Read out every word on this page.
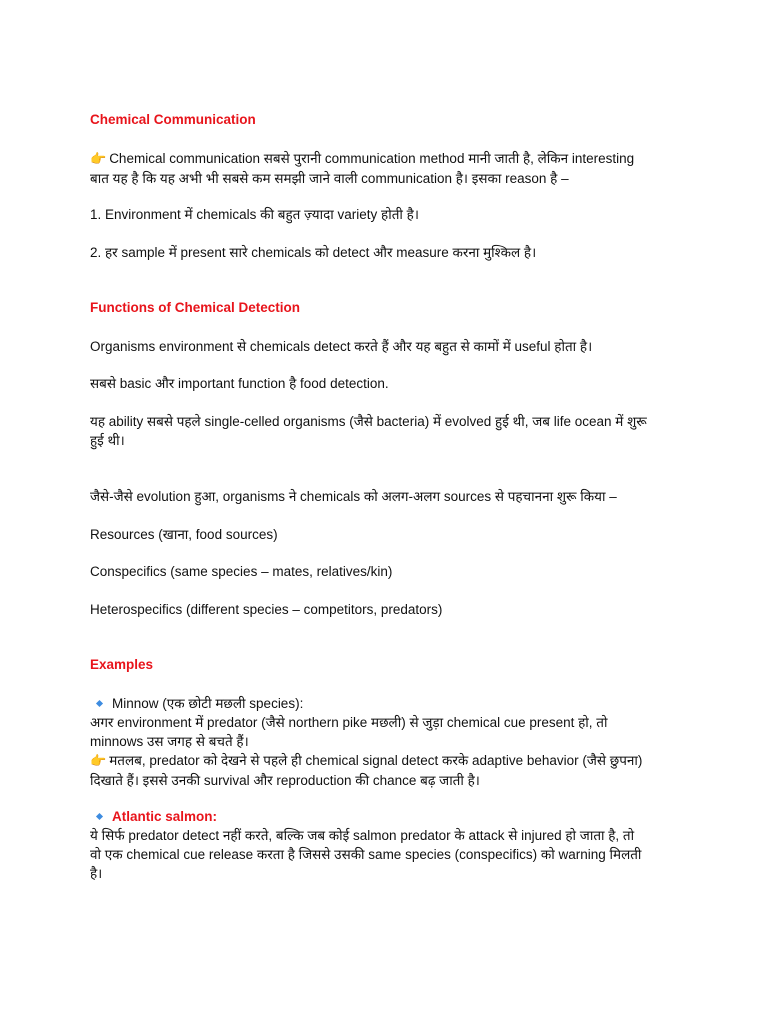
Chemical Communication
👉 Chemical communication सबसे पुरानी communication method मानी जाती है, लेकिन interesting
बात यह है कि यह अभी भी सबसे कम समझी जाने वाली communication है। इसका reason है –
1. Environment में chemicals की बहुत ज़्यादा variety होती है।
2. हर sample में present सारे chemicals को detect और measure करना मुश्किल है।
Functions of Chemical Detection
Organisms environment से chemicals detect करते हैं और यह बहुत से कामों में useful होता है।
सबसे basic और important function है food detection.
यह ability सबसे पहले single-celled organisms (जैसे bacteria) में evolved हुई थी, जब life ocean में शुरू
हुई थी।
जैसे-जैसे evolution हुआ, organisms ने chemicals को अलग-अलग sources से पहचानना शुरू किया –
Resources (खाना, food sources)
Conspecifics (same species – mates, relatives/kin)
Heterospecifics (different species – competitors, predators)
Examples
Minnow (एक छोटी मछली species):
अगर environment में predator (जैसे northern pike मछली) से जुड़ा chemical cue present हो, तो
minnows उस जगह से बचते हैं।
👉 मतलब, predator को देखने से पहले ही chemical signal detect करके adaptive behavior (जैसे छुपना)
दिखाते हैं। इससे उनकी survival और reproduction की chance बढ़ जाती है।
Atlantic salmon:
ये सिर्फ predator detect नहीं करते, बल्कि जब कोई salmon predator के attack से injured हो जाता है, तो
वो एक chemical cue release करता है जिससे उसकी same species (conspecifics) को warning मिलती
है।
